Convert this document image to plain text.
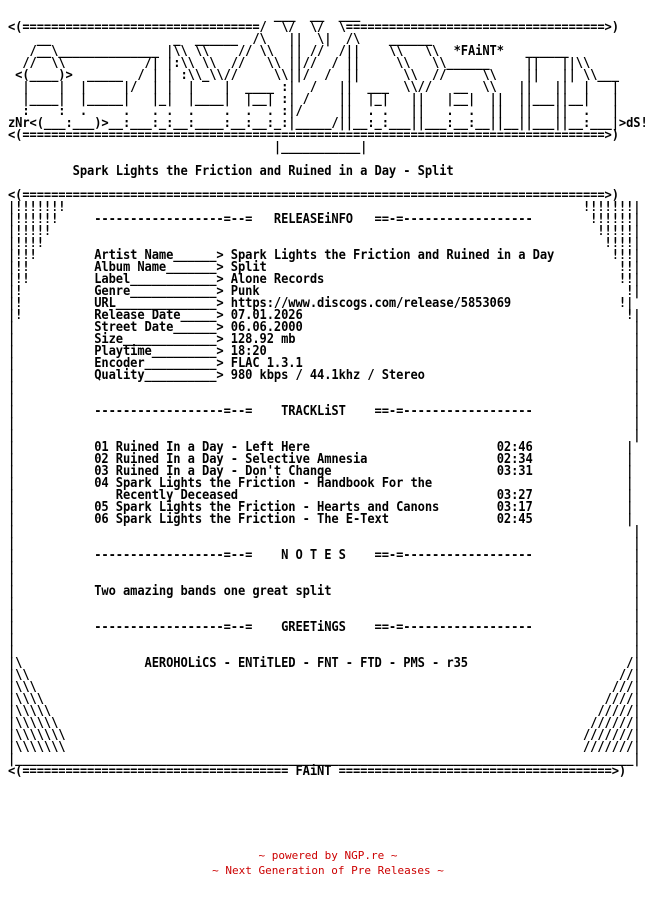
___  __  ___
<(=================================/  \/  \/  \====================================>)
__                 _  ______  /\   ||  \|  /\    ______
/__\______________ |\\ \\    // \\  || //  /||    \\   \\  *FAiNT*   ______
//  \\           /| |:\\ \\  //   \\ ||//  / ||     \\   \\______     ||   ||\\
<(____)>  _____  / | | :\\_\\//     \\||/  /  ||      \\  //     \\    ||   || \\___
|    |  |     |/  | |  |    |  ____ :|  /   ||  ___  \\//   __  \\   ||   ||  |   |
|____|  |_____|   |_|  |____|  |__| :| /    ||  |_|   ||   |__|  ||  ||___||__|   |
:    :  .     .   . .  .    .  .  . :|/     ||  . .   ||   .  .  ||  ||   ||  .   |
zNr<(___:___)>__:___:_:__:____:__:__:_:|_____/||__:_:___||___:__:__||__||___||__:___|>dS!
<(=================================================================================>)
|___________|

Spark Lights the Friction and Ruined in a Day - Split

<(=================================================================================>)
|!!!!!!!                                                                        !!!!!!!|
|!!!!!!     ------------------=--=   RELEASEiNFO   ==-=------------------        !!!!!!|
|!!!!!                                                                            !!!!!|
|!!!!                                                                              !!!!|
|!!!        Artist Name______> Spark Lights the Friction and Ruined in a Day        !!!|
|!!         Album Name_______> Split                                                 !!|
|!!         Label____________> Alone Records                                         !!|
|!          Genre____________> Punk                                                   !|
|!          URL______________> https://www.discogs.com/release/5853069               !|
|!          Release Date_____> 07.01.2026                                             !|
|           Street Date______> 06.06.2000                                              |
|           Size_____________> 128.92 mb                                               |
|           Playtime_________> 18:20                                                   |
|           Encoder__________> FLAC 1.3.1                                              |
|           Quality__________> 980 kbps / 44.1khz / Stereo                             |
|                                                                                      |
|                                                                                      |
|           ------------------=--=    TRACKLiST    ==-=------------------              |
|                                                                                      |
|                                                                                      |
|           01 Ruined In a Day - Left Here                          02:46             |
|           02 Ruined In a Day - Selective Amnesia                  02:34             |
|           03 Ruined In a Day - Don't Change                       03:31             |
|           04 Spark Lights the Friction - Handbook For the                           |
|              Recently Deceased                                    03:27             |
|           05 Spark Lights the Friction - Hearts and Canons        03:17             |
|           06 Spark Lights the Friction - The E-Text               02:45             |
|                                                                                      |
|                                                                                      |
|           ------------------=--=    N O T E S    ==-=------------------              |
|                                                                                      |
|                                                                                      |
|           Two amazing bands one great split                                          |
|                                                                                      |
|                                                                                      |
|           ------------------=--=    GREETiNGS    ==-=------------------              |
|                                                                                      |
|                                                                                      |
|\                 AEROHOLiCS - ENTiTLED - FNT - FTD - PMS - r35                      /|
|\\                                                                                  //|
|\\\                                                                                ///|
|\\\\                                                                              ////|
|\\\\\                                                                            /////|
|\\\\\\                                                                          //////|
|\\\\\\\                                                                        ///////|
|\\\\\\\                                                                        ///////|
|______________________________________________________________________________________|
<(===================================== FAiNT ======================================>)
~ powered by NGP.re ~
~ Next Generation of Pre Releases ~
